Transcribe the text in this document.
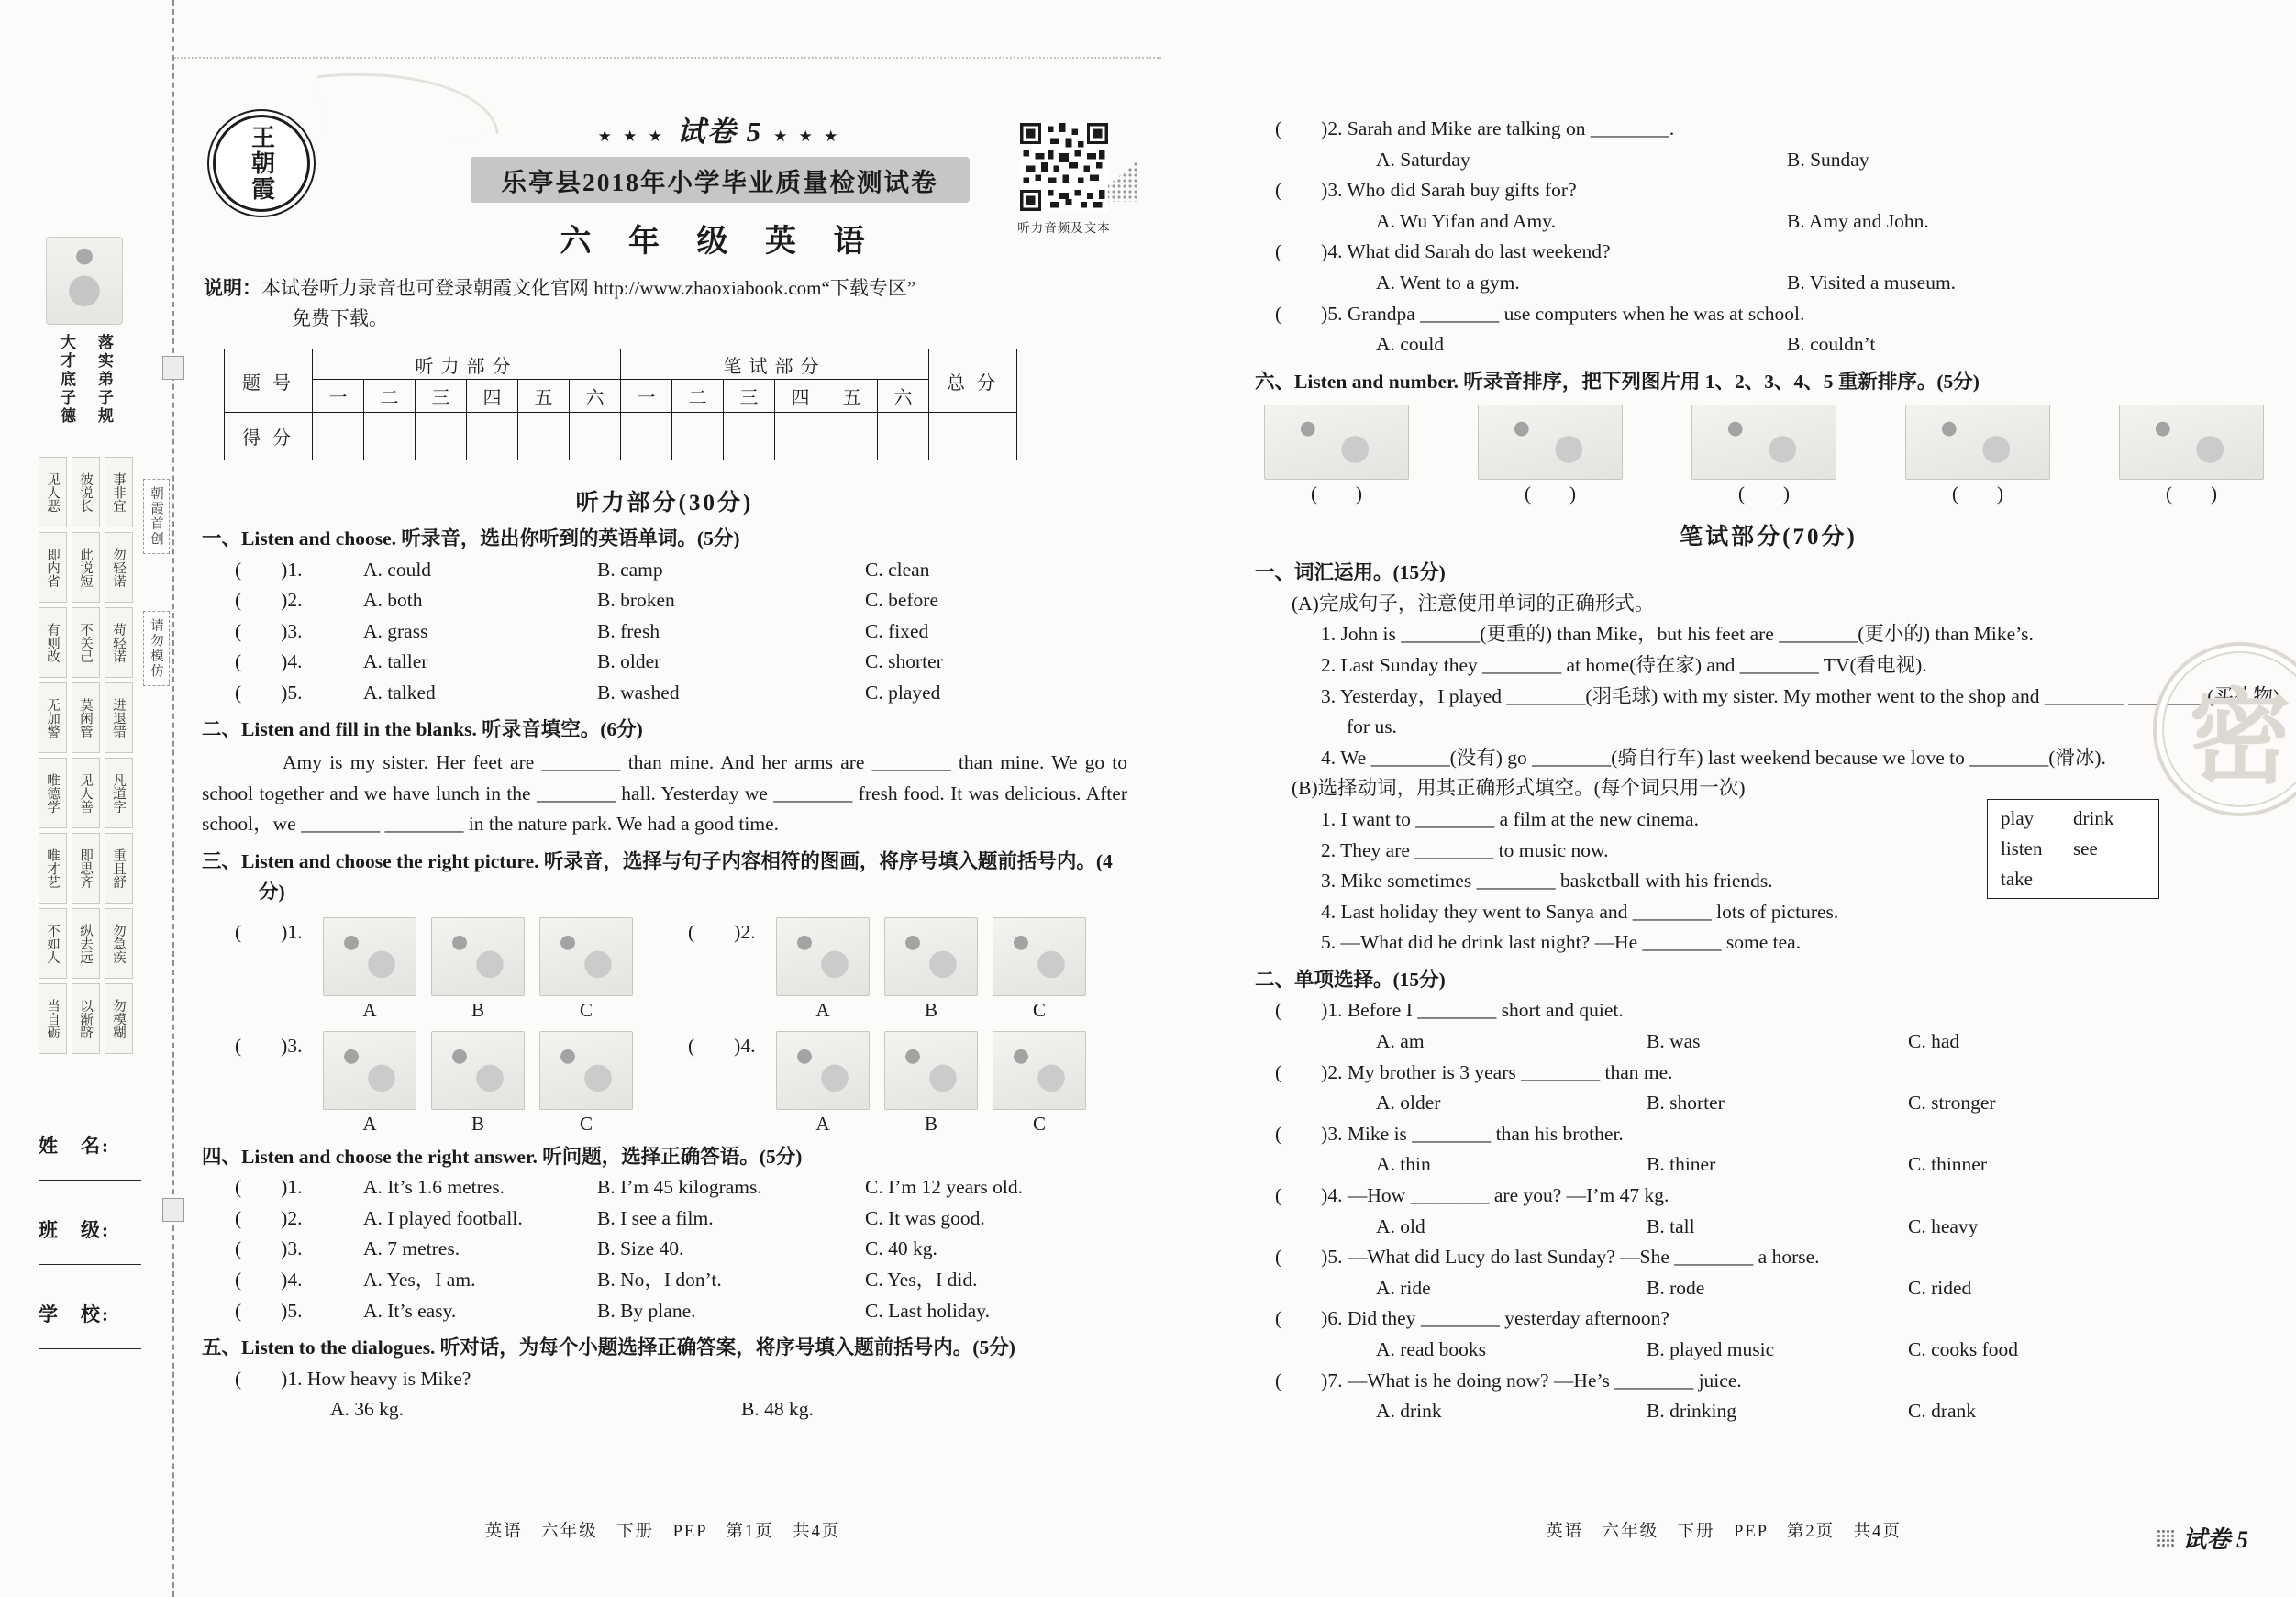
大才底子德 落实弟子规
见人恶	彼说长	事非宜
即内省	此说短	勿轻诺
有则改	不关己	苟轻诺
无加警	莫闲管	进退错
唯德学	见人善	凡道字
唯才艺	即思齐	重且舒
不如人	纵去远	勿急疾
当自砺	以渐跻	勿模糊
姓　名:
班　级:
学　校:
朝霞首创
请勿模仿
王朝霞	★ ★ ★ 试卷 5 ★ ★ ★
乐亭县2018年小学毕业质量检测试卷
六 年 级 英 语

说明：本试卷听力录音也可登录朝霞文化官网 http://www.zhaoxiabook.com“下载专区”

免费下载。

听力音频及文本
题 号	听力部分						笔试部分						总 分
	一	二	三	四	五	六	一	二	三	四	五	六	
得 分													
听力部分(30分)
一、Listen and choose. 听录音，选出你听到的英语单词。(5分)
(　　)1.	A. could	B. camp	C. clean
(　　)2.	A. both	B. broken	C. before
(　　)3.	A. grass	B. fresh	C. fixed
(　　)4.	A. taller	B. older	C. shorter
(　　)5.	A. talked	B. washed	C. played
二、Listen and fill in the blanks. 听录音填空。(6分)

Amy is my sister. Her feet are ________ than mine. And her arms are ________ than mine. We go to school together and we have lunch in the ________ hall. Yesterday we ________ fresh food. It was delicious. After school，we ________ ________ in the nature park. We had a good time.

三、Listen and choose the right picture. 听录音，选择与句子内容相符的图画，将序号填入题前括号内。(4分)
(　　)1.
A	B	C
(　　)2.
A	B	C
(　　)3.
A	B	C
(　　)4.
A	B	C
四、Listen and choose the right answer. 听问题，选择正确答语。(5分)
(　　)1.	A. It’s 1.6 metres.	B. I’m 45 kilograms.	C. I’m 12 years old.
(　　)2.	A. I played football.	B. I see a film.	C. It was good.
(　　)3.	A. 7 metres.	B. Size 40.	C. 40 kg.
(　　)4.	A. Yes，I am.	B. No，I don’t.	C. Yes，I did.
(　　)5.	A. It’s easy.	B. By plane.	C. Last holiday.
五、Listen to the dialogues. 听对话，为每个小题选择正确答案，将序号填入题前括号内。(5分)
(　　)1. How heavy is Mike?
A. 36 kg.	B. 48 kg.
英语　六年级　下册　PEP　第1页　共4页
(　　)2. Sarah and Mike are talking on ________.
A. Saturday	B. Sunday
(　　)3. Who did Sarah buy gifts for?
A. Wu Yifan and Amy.	B. Amy and John.
(　　)4. What did Sarah do last weekend?
A. Went to a gym.	B. Visited a museum.
(　　)5. Grandpa ________ use computers when he was at school.
A. could	B. couldn’t
六、Listen and number. 听录音排序，把下列图片用 1、2、3、4、5 重新排序。(5分)
(　　)	(　　)	(　　)	(　　)	(　　)
笔试部分(70分)
一、词汇运用。(15分)
(A)完成句子，注意使用单词的正确形式。
1. John is ________(更重的) than Mike，but his feet are ________(更小的) than Mike’s.
2. Last Sunday they ________ at home(待在家) and ________ TV(看电视).
3. Yesterday，I played ________(羽毛球) with my sister. My mother went to the shop and ________ ________(买礼物) for us.
4. We ________(没有) go ________(骑自行车) last weekend because we love to ________(滑冰).
(B)选择动词，用其正确形式填空。(每个词只用一次)
1. I want to ________ a film at the new cinema.
2. They are ________ to music now.
3. Mike sometimes ________ basketball with his friends.
4. Last holiday they went to Sanya and ________ lots of pictures.
5. —What did he drink last night? —He ________ some tea.
play	drink
listen	see
take
二、单项选择。(15分)
(　　)1. Before I ________ short and quiet.
A. am	B. was	C. had
(　　)2. My brother is 3 years ________ than me.
A. older	B. shorter	C. stronger
(　　)3. Mike is ________ than his brother.
A. thin	B. thiner	C. thinner
(　　)4. —How ________ are you? —I’m 47 kg.
A. old	B. tall	C. heavy
(　　)5. —What did Lucy do last Sunday? —She ________ a horse.
A. ride	B. rode	C. rided
(　　)6. Did they ________ yesterday afternoon?
A. read books	B. played music	C. cooks food
(　　)7. —What is he doing now? —He’s ________ juice.
A. drink	B. drinking	C. drank
英语　六年级　下册　PEP　第2页　共4页	试卷 5
密
